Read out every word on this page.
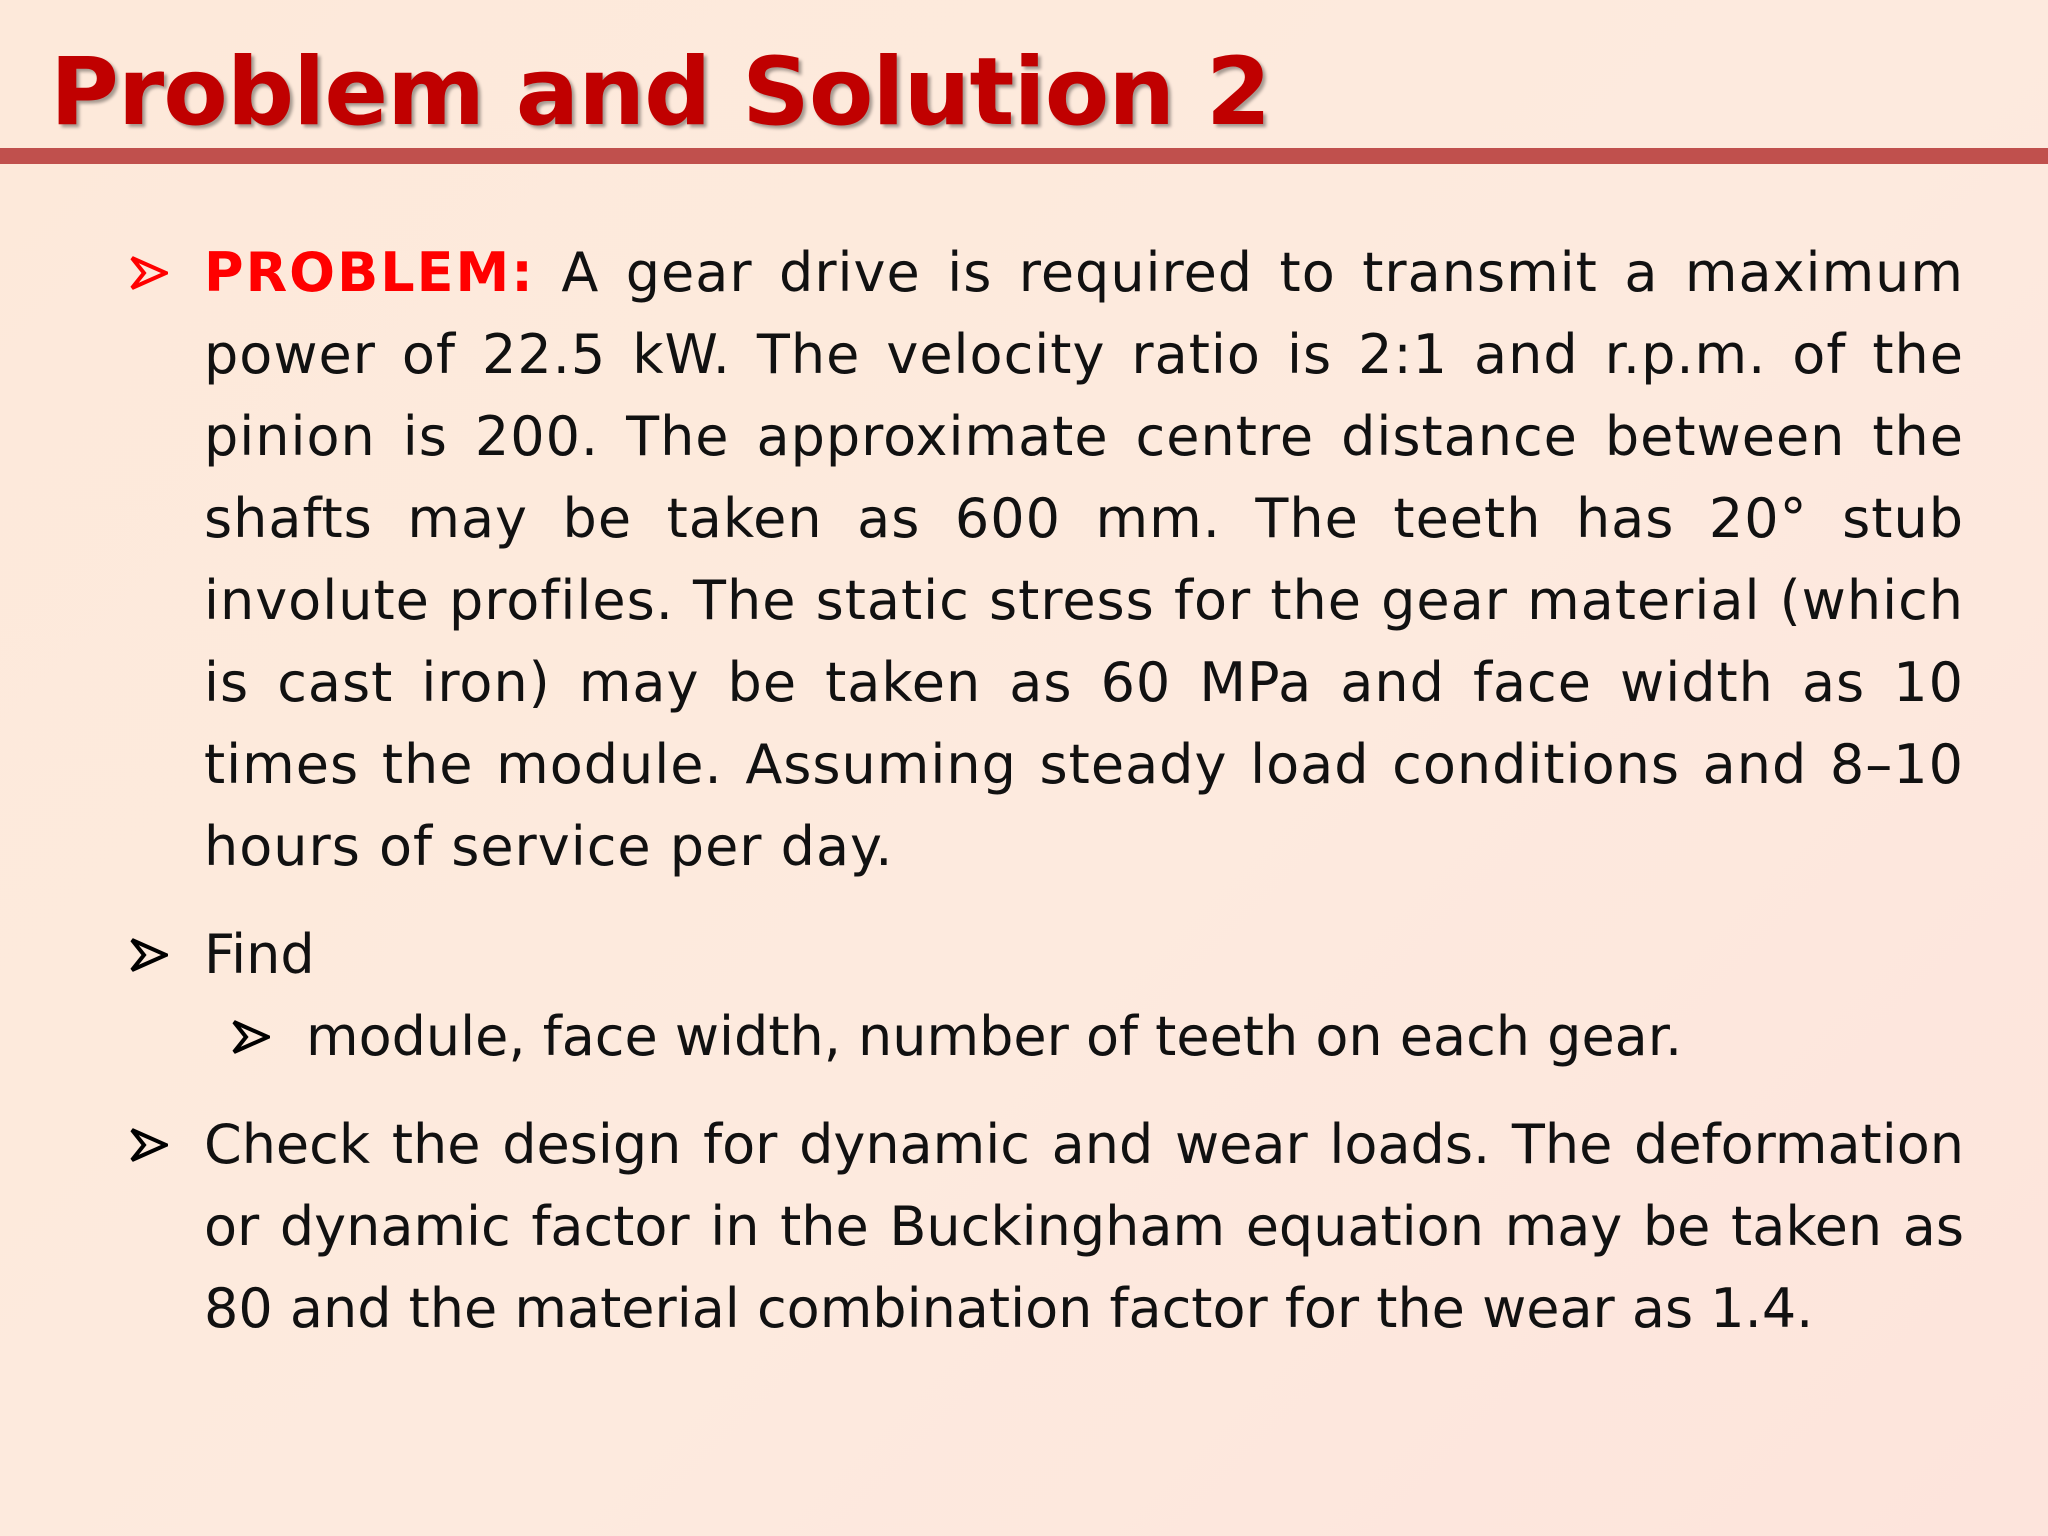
Problem and Solution 2
PROBLEM: A gear drive is required to transmit a maximum power of 22.5 kW. The velocity ratio is 2:1 and r.p.m. of the pinion is 200. The approximate centre distance between the shafts may be taken as 600 mm. The teeth has 20° stub involute profiles. The static stress for the gear material (which is cast iron) may be taken as 60 MPa and face width as 10 times the module. Assuming steady load conditions and 8–10 hours of service per day.
Find
module, face width, number of teeth on each gear.
Check the design for dynamic and wear loads. The deformation or dynamic factor in the Buckingham equation may be taken as 80 and the material combination factor for the wear as 1.4.
